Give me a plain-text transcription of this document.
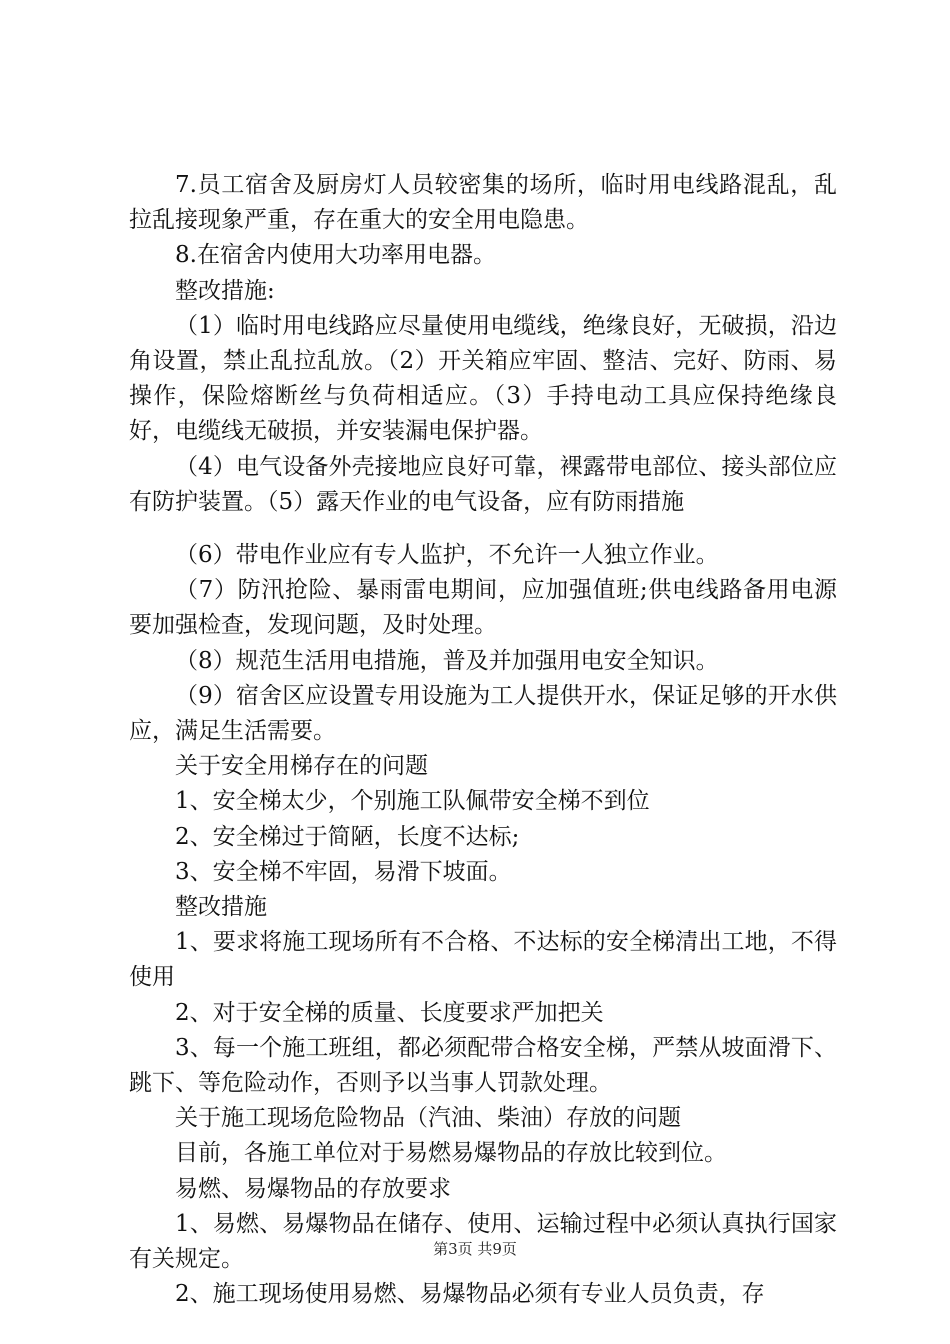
7.员工宿舍及厨房灯人员较密集的场所，临时用电线路混乱，乱拉乱接现象严重，存在重大的安全用电隐患。

8.在宿舍内使用大功率用电器。

整改措施:

（1）临时用电线路应尽量使用电缆线，绝缘良好，无破损，沿边角设置，禁止乱拉乱放。（2）开关箱应牢固、整洁、完好、防雨、易操作，保险熔断丝与负荷相适应。（3）手持电动工具应保持绝缘良好，电缆线无破损，并安装漏电保护器。

（4）电气设备外壳接地应良好可靠，裸露带电部位、接头部位应有防护装置。（5）露天作业的电气设备，应有防雨措施

（6）带电作业应有专人监护，不允许一人独立作业。

（7）防汛抢险、暴雨雷电期间，应加强值班;供电线路备用电源要加强检查，发现问题，及时处理。

（8）规范生活用电措施，普及并加强用电安全知识。

（9）宿舍区应设置专用设施为工人提供开水，保证足够的开水供应，满足生活需要。

关于安全用梯存在的问题

1、安全梯太少，个别施工队佩带安全梯不到位

2、安全梯过于简陋，长度不达标;

3、安全梯不牢固，易滑下坡面。

整改措施

1、要求将施工现场所有不合格、不达标的安全梯清出工地，不得使用

2、对于安全梯的质量、长度要求严加把关

3、每一个施工班组，都必须配带合格安全梯，严禁从坡面滑下、跳下、等危险动作，否则予以当事人罚款处理。

关于施工现场危险物品（汽油、柴油）存放的问题

目前，各施工单位对于易燃易爆物品的存放比较到位。

易燃、易爆物品的存放要求

1、易燃、易爆物品在储存、使用、运输过程中必须认真执行国家有关规定。

2、施工现场使用易燃、易爆物品必须有专业人员负责，存

第3页 共9页
